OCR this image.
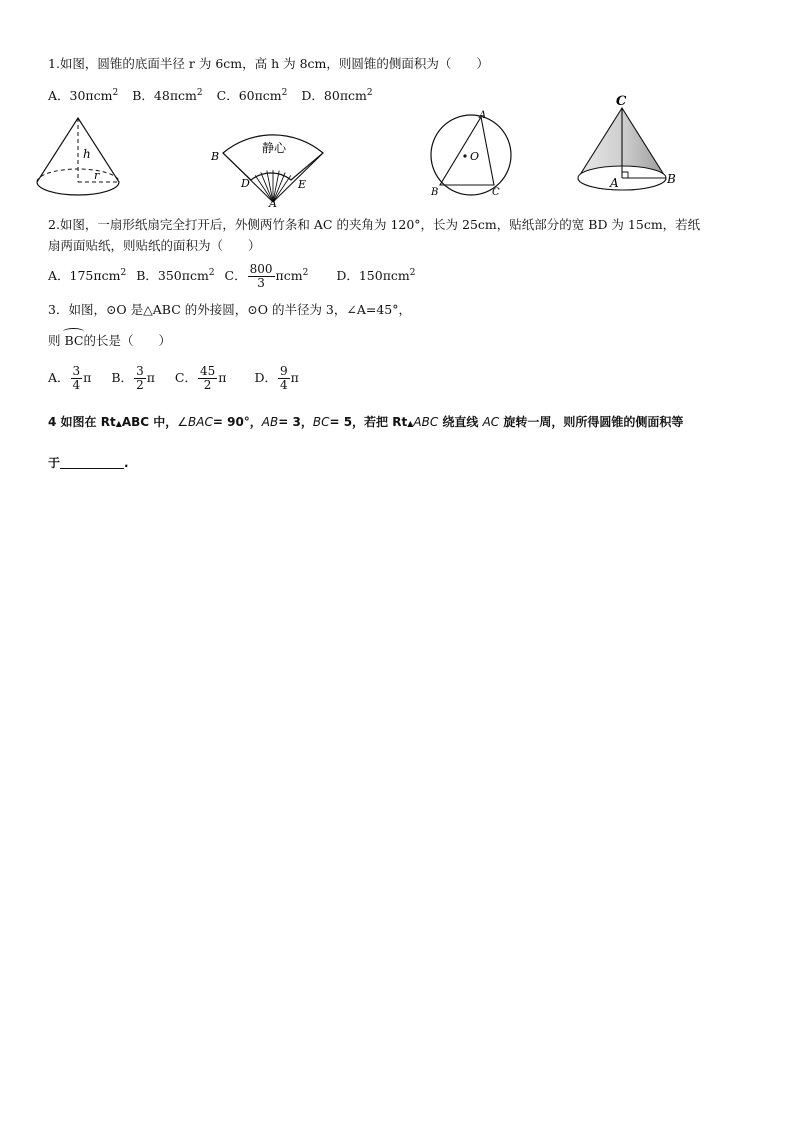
1.如图，圆锥的底面半径 r 为 6cm，高 h 为 8cm，则圆锥的侧面积为（　　）
A．30πcm$^2$ B．48πcm$^2$ C．60πcm$^2$ D．80πcm$^2$
h
r
静心
B
D	E
A
O
A
B	C
C
A	B
2.如图，一扇形纸扇完全打开后，外侧两竹条和 AC 的夹角为 120°，长为 25cm，贴纸部分的宽 BD 为 15cm，若纸
扇两面贴纸，则贴纸的面积为（　　）
A．175πcm$^2$ B．350πcm$^2$ C． $\frac{800}{3} \pi cm^2$ D．150πcm$^2$
3．如图，⊙O 是△ABC 的外接圆，⊙O 的半径为 3，∠A=45°，
则 BC的长是（　　）
A． $\frac{3}{4}$ π B． $\frac{3}{2}$ π C． $\frac{45}{2}$ π D． $\frac{9}{4}$ π
4 如图在 Rt▲ABC 中，∠BAC= 90°，AB= 3，BC= 5，若把 Rt▲ABC 绕直线 AC 旋转一周，则所得圆锥的侧面积等
于	.
